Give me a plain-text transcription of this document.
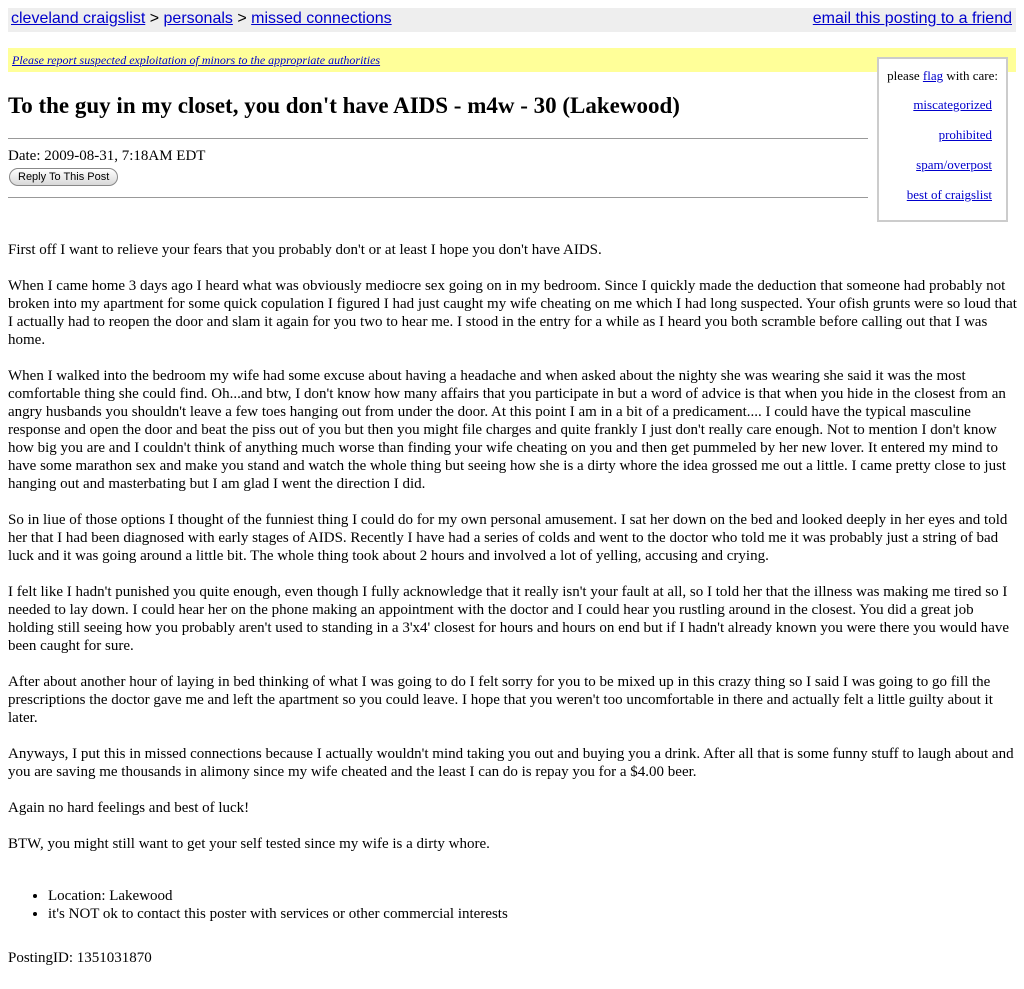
cleveland craigslist > personals > missed connections	email this posting to a friend
Please report suspected exploitation of minors to the appropriate authorities
please flag with care:
miscategorized
prohibited
spam/overpost
best of craigslist
To the guy in my closet, you don't have AIDS - m4w - 30 (Lakewood)
Date: 2009-08-31, 7:18AM EDT
Reply To This Post

First off I want to relieve your fears that you probably don't or at least I hope you don't have AIDS.

When I came home 3 days ago I heard what was obviously mediocre sex going on in my bedroom. Since I quickly made the deduction that someone had probably not broken into my apartment for some quick copulation I figured I had just caught my wife cheating on me which I had long suspected. Your ofish grunts were so loud that I actually had to reopen the door and slam it again for you two to hear me. I stood in the entry for a while as I heard you both scramble before calling out that I was home.

When I walked into the bedroom my wife had some excuse about having a headache and when asked about the nighty she was wearing she said it was the most comfortable thing she could find. Oh...and btw, I don't know how many affairs that you participate in but a word of advice is that when you hide in the closest from an angry husbands you shouldn't leave a few toes hanging out from under the door. At this point I am in a bit of a predicament.... I could have the typical masculine response and open the door and beat the piss out of you but then you might file charges and quite frankly I just don't really care enough. Not to mention I don't know how big you are and I couldn't think of anything much worse than finding your wife cheating on you and then get pummeled by her new lover. It entered my mind to have some marathon sex and make you stand and watch the whole thing but seeing how she is a dirty whore the idea grossed me out a little. I came pretty close to just hanging out and masterbating but I am glad I went the direction I did.

So in liue of those options I thought of the funniest thing I could do for my own personal amusement. I sat her down on the bed and looked deeply in her eyes and told her that I had been diagnosed with early stages of AIDS. Recently I have had a series of colds and went to the doctor who told me it was probably just a string of bad luck and it was going around a little bit. The whole thing took about 2 hours and involved a lot of yelling, accusing and crying.

I felt like I hadn't punished you quite enough, even though I fully acknowledge that it really isn't your fault at all, so I told her that the illness was making me tired so I needed to lay down. I could hear her on the phone making an appointment with the doctor and I could hear you rustling around in the closest. You did a great job holding still seeing how you probably aren't used to standing in a 3'x4' closest for hours and hours on end but if I hadn't already known you were there you would have been caught for sure.

After about another hour of laying in bed thinking of what I was going to do I felt sorry for you to be mixed up in this crazy thing so I said I was going to go fill the prescriptions the doctor gave me and left the apartment so you could leave. I hope that you weren't too uncomfortable in there and actually felt a little guilty about it later.

Anyways, I put this in missed connections because I actually wouldn't mind taking you out and buying you a drink. After all that is some funny stuff to laugh about and you are saving me thousands in alimony since my wife cheated and the least I can do is repay you for a $4.00 beer.

Again no hard feelings and best of luck!

BTW, you might still want to get your self tested since my wife is a dirty whore.

• Location: Lakewood
• it's NOT ok to contact this poster with services or other commercial interests
PostingID: 1351031870
